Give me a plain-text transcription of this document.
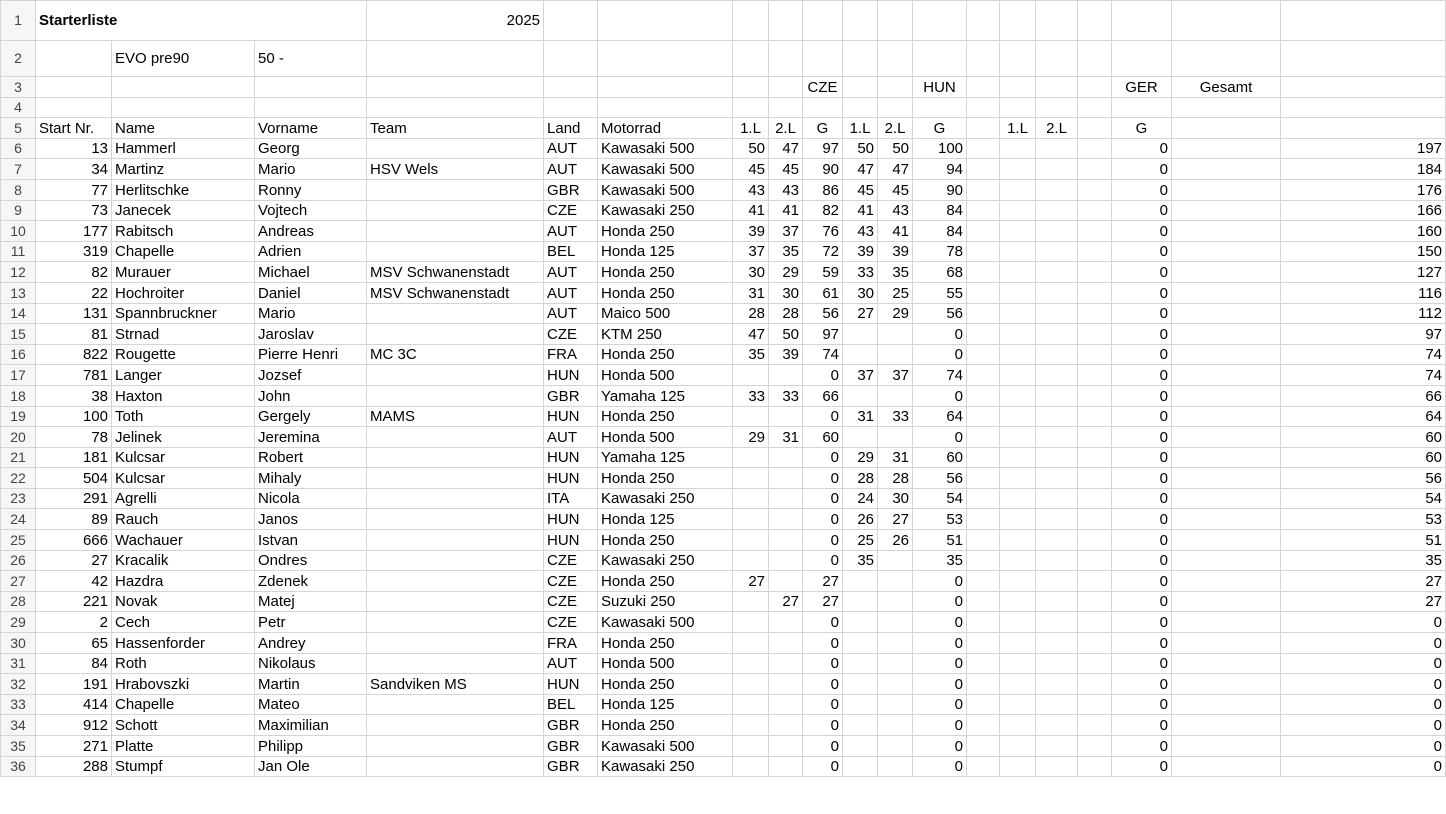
1	Starterliste			2025																
2		EVO pre90	50 -																	
3									CZE			HUN					GER	Gesamt		
4																				
5	Start Nr.	Name	Vorname	Team	Land	Motorrad	1.L	2.L	G	1.L	2.L	G		1.L	2.L		G			
6	13	Hammerl	Georg		AUT	Kawasaki 500	50	47	97	50	50	100					0		197	
7	34	Martinz	Mario	HSV Wels	AUT	Kawasaki 500	45	45	90	47	47	94					0		184	
8	77	Herlitschke	Ronny		GBR	Kawasaki 500	43	43	86	45	45	90					0		176	
9	73	Janecek	Vojtech		CZE	Kawasaki 250	41	41	82	41	43	84					0		166	
10	177	Rabitsch	Andreas		AUT	Honda 250	39	37	76	43	41	84					0		160	
11	319	Chapelle	Adrien		BEL	Honda 125	37	35	72	39	39	78					0		150	
12	82	Murauer	Michael	MSV Schwanenstadt	AUT	Honda 250	30	29	59	33	35	68					0		127	
13	22	Hochroiter	Daniel	MSV Schwanenstadt	AUT	Honda 250	31	30	61	30	25	55					0		116	
14	131	Spannbruckner	Mario		AUT	Maico 500	28	28	56	27	29	56					0		112	
15	81	Strnad	Jaroslav		CZE	KTM 250	47	50	97			0					0		97	
16	822	Rougette	Pierre Henri	MC 3C	FRA	Honda 250	35	39	74			0					0		74	
17	781	Langer	Jozsef		HUN	Honda 500			0	37	37	74					0		74	
18	38	Haxton	John		GBR	Yamaha 125	33	33	66			0					0		66	
19	100	Toth	Gergely	MAMS	HUN	Honda 250			0	31	33	64					0		64	
20	78	Jelinek	Jeremina		AUT	Honda 500	29	31	60			0					0		60	
21	181	Kulcsar	Robert		HUN	Yamaha 125			0	29	31	60					0		60	
22	504	Kulcsar	Mihaly		HUN	Honda 250			0	28	28	56					0		56	
23	291	Agrelli	Nicola		ITA	Kawasaki 250			0	24	30	54					0		54	
24	89	Rauch	Janos		HUN	Honda 125			0	26	27	53					0		53	
25	666	Wachauer	Istvan		HUN	Honda 250			0	25	26	51					0		51	
26	27	Kracalik	Ondres		CZE	Kawasaki 250			0	35		35					0		35	
27	42	Hazdra	Zdenek		CZE	Honda 250	27		27			0					0		27	
28	221	Novak	Matej		CZE	Suzuki 250		27	27			0					0		27	
29	2	Cech	Petr		CZE	Kawasaki 500			0			0					0		0	
30	65	Hassenforder	Andrey		FRA	Honda 250			0			0					0		0	
31	84	Roth	Nikolaus		AUT	Honda 500			0			0					0		0	
32	191	Hrabovszki	Martin	Sandviken MS	HUN	Honda 250			0			0					0		0	
33	414	Chapelle	Mateo		BEL	Honda 125			0			0					0		0	
34	912	Schott	Maximilian		GBR	Honda 250			0			0					0		0	
35	271	Platte	Philipp		GBR	Kawasaki 500			0			0					0		0	
36	288	Stumpf	Jan Ole		GBR	Kawasaki 250			0			0					0		0	
